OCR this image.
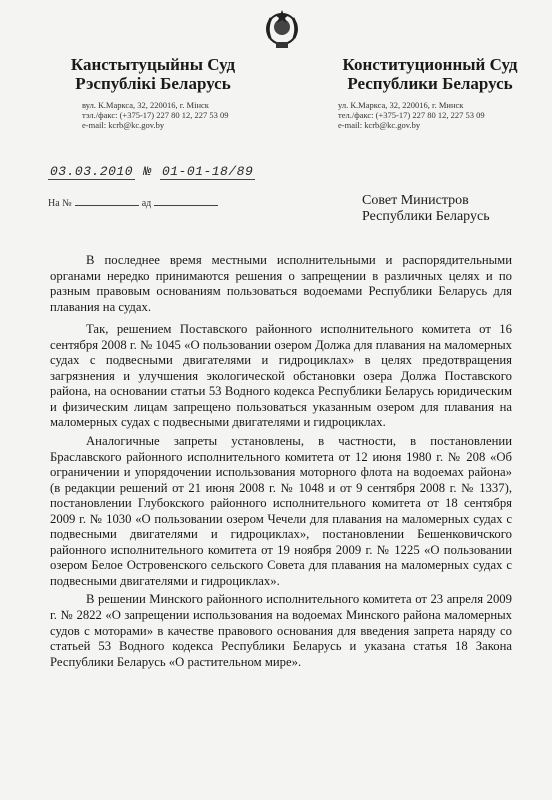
Канстытуцыйны Суд
Рэспублікі Беларусь
Конституционный Суд
Республики Беларусь
вул. К.Маркса, 32, 220016, г. Мінск
тэл./факс: (+375-17) 227 80 12, 227 53 09
e-mail: kcrb@kc.gov.by
ул. К.Маркса, 32, 220016, г. Минск
тел./факс: (+375-17) 227 80 12, 227 53 09
e-mail: kcrb@kc.gov.by
03.03.2010 № 01-01-18/89
На №	ад	Совет Министров
Республики Беларусь

В последнее время местными исполнительными и распорядительными органами нередко принимаются решения о запрещении в различных целях и по разным правовым основаниям пользоваться водоемами Республики Беларусь для плавания на судах.

Так, решением Поставского районного исполнительного комитета от 16 сентября 2008 г. № 1045 «О пользовании озером Должа для плавания на маломерных судах с подвесными двигателями и гидроциклах» в целях предотвращения загрязнения и улучшения экологической обстановки озера Должа Поставского района, на основании статьи 53 Водного кодекса Республики Беларусь юридическим и физическим лицам запрещено пользоваться указанным озером для плавания на маломерных судах с подвесными двигателями и гидроциклах.

Аналогичные запреты установлены, в частности, в постановлении Браславского районного исполнительного комитета от 12 июня 1980 г. № 208 «Об ограничении и упорядочении использования моторного флота на водоемах района» (в редакции решений от 21 июня 2008 г. № 1048 и от 9 сентября 2008 г. № 1337), постановлении Глубокского районного исполнительного комитета от 18 сентября 2009 г. № 1030 «О пользовании озером Чечели для плавания на маломерных судах с подвесными двигателями и гидроциклах», постановлении Бешенковичского районного исполнительного комитета от 19 ноября 2009 г. № 1225 «О пользовании озером Белое Островенского сельского Совета для плавания на маломерных судах с подвесными двигателями и гидроциклах».

В решении Минского районного исполнительного комитета от 23 апреля 2009 г. № 2822 «О запрещении использования на водоемах Минского района маломерных судов с моторами» в качестве правового основания для введения запрета наряду со статьей 53 Водного кодекса Республики Беларусь и указана статья 18 Закона Республики Беларусь «О растительном мире».
